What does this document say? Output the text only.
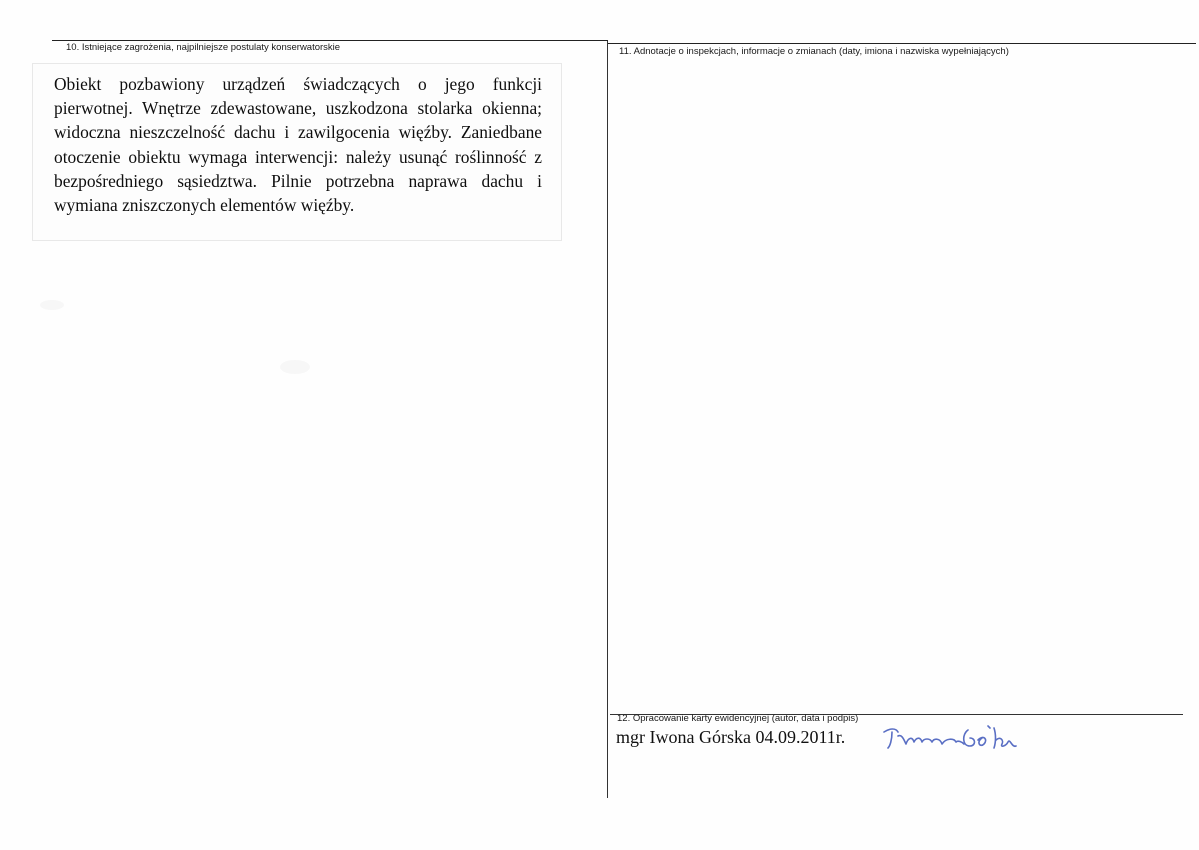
10. Istniejące zagrożenia, najpilniejsze postulaty konserwatorskie	11. Adnotacje o inspekcjach, informacje o zmianach (daty, imiona i nazwiska wypełniających)
Obiekt pozbawiony urządzeń świadczących o jego funkcji pierwotnej. Wnętrze zdewastowane, uszkodzona stolarka okienna; widoczna nieszczelność dachu i zawilgocenia więźby. Zaniedbane otoczenie obiektu wymaga interwencji: należy usunąć roślinność z bezpośredniego sąsiedztwa. Pilnie potrzebna naprawa dachu i wymiana zniszczonych elementów więźby.
12. Opracowanie karty ewidencyjnej (autor, data i podpis)
mgr Iwona Górska 04.09.2011r.
